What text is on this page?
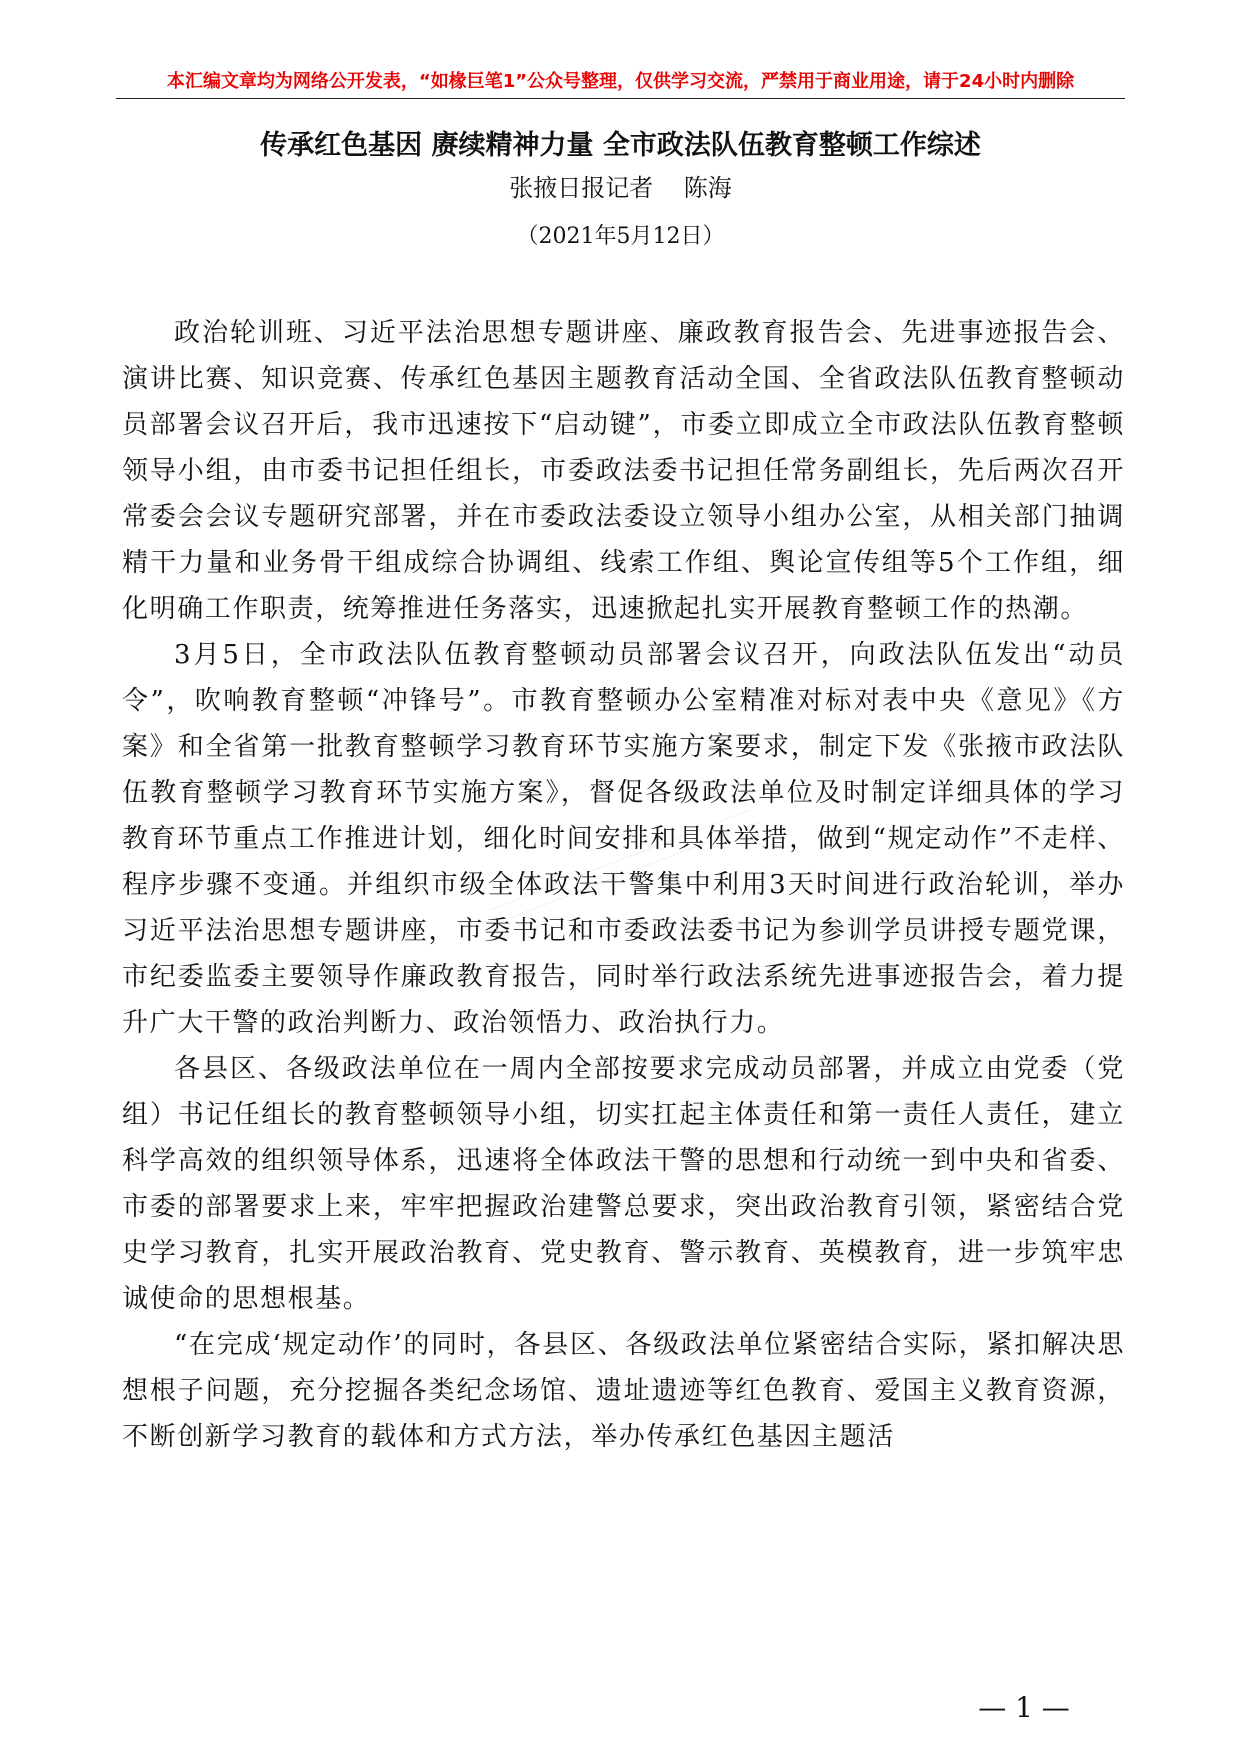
本汇编文章均为网络公开发表，“如椽巨笔1”公众号整理，仅供学习交流，严禁用于商业用途，请于24小时内删除
传承红色基因 赓续精神力量 全市政法队伍教育整顿工作综述
张掖日报记者    陈海
（2021年5月12日）

政治轮训班、习近平法治思想专题讲座、廉政教育报告会、先进事迹报告会、演讲比赛、知识竞赛、传承红色基因主题教育活动全国、全省政法队伍教育整顿动员部署会议召开后，我市迅速按下“启动键”，市委立即成立全市政法队伍教育整顿领导小组，由市委书记担任组长，市委政法委书记担任常务副组长，先后两次召开常委会会议专题研究部署，并在市委政法委设立领导小组办公室，从相关部门抽调精干力量和业务骨干组成综合协调组、线索工作组、舆论宣传组等5个工作组，细化明确工作职责，统筹推进任务落实，迅速掀起扎实开展教育整顿工作的热潮。

3月5日，全市政法队伍教育整顿动员部署会议召开，向政法队伍发出“动员令”，吹响教育整顿“冲锋号”。市教育整顿办公室精准对标对表中央《意见》《方案》和全省第一批教育整顿学习教育环节实施方案要求，制定下发《张掖市政法队伍教育整顿学习教育环节实施方案》，督促各级政法单位及时制定详细具体的学习教育环节重点工作推进计划，细化时间安排和具体举措，做到“规定动作”不走样、程序步骤不变通。并组织市级全体政法干警集中利用3天时间进行政治轮训，举办习近平法治思想专题讲座，市委书记和市委政法委书记为参训学员讲授专题党课，市纪委监委主要领导作廉政教育报告，同时举行政法系统先进事迹报告会，着力提升广大干警的政治判断力、政治领悟力、政治执行力。

各县区、各级政法单位在一周内全部按要求完成动员部署，并成立由党委（党组）书记任组长的教育整顿领导小组，切实扛起主体责任和第一责任人责任，建立科学高效的组织领导体系，迅速将全体政法干警的思想和行动统一到中央和省委、市委的部署要求上来，牢牢把握政治建警总要求，突出政治教育引领，紧密结合党史学习教育，扎实开展政治教育、党史教育、警示教育、英模教育，进一步筑牢忠诚使命的思想根基。

“在完成‘规定动作’的同时，各县区、各级政法单位紧密结合实际，紧扣解决思想根子问题，充分挖掘各类纪念场馆、遗址遗迹等红色教育、爱国主义教育资源，不断创新学习教育的载体和方式方法，举办传承红色基因主题活

— 1 —
